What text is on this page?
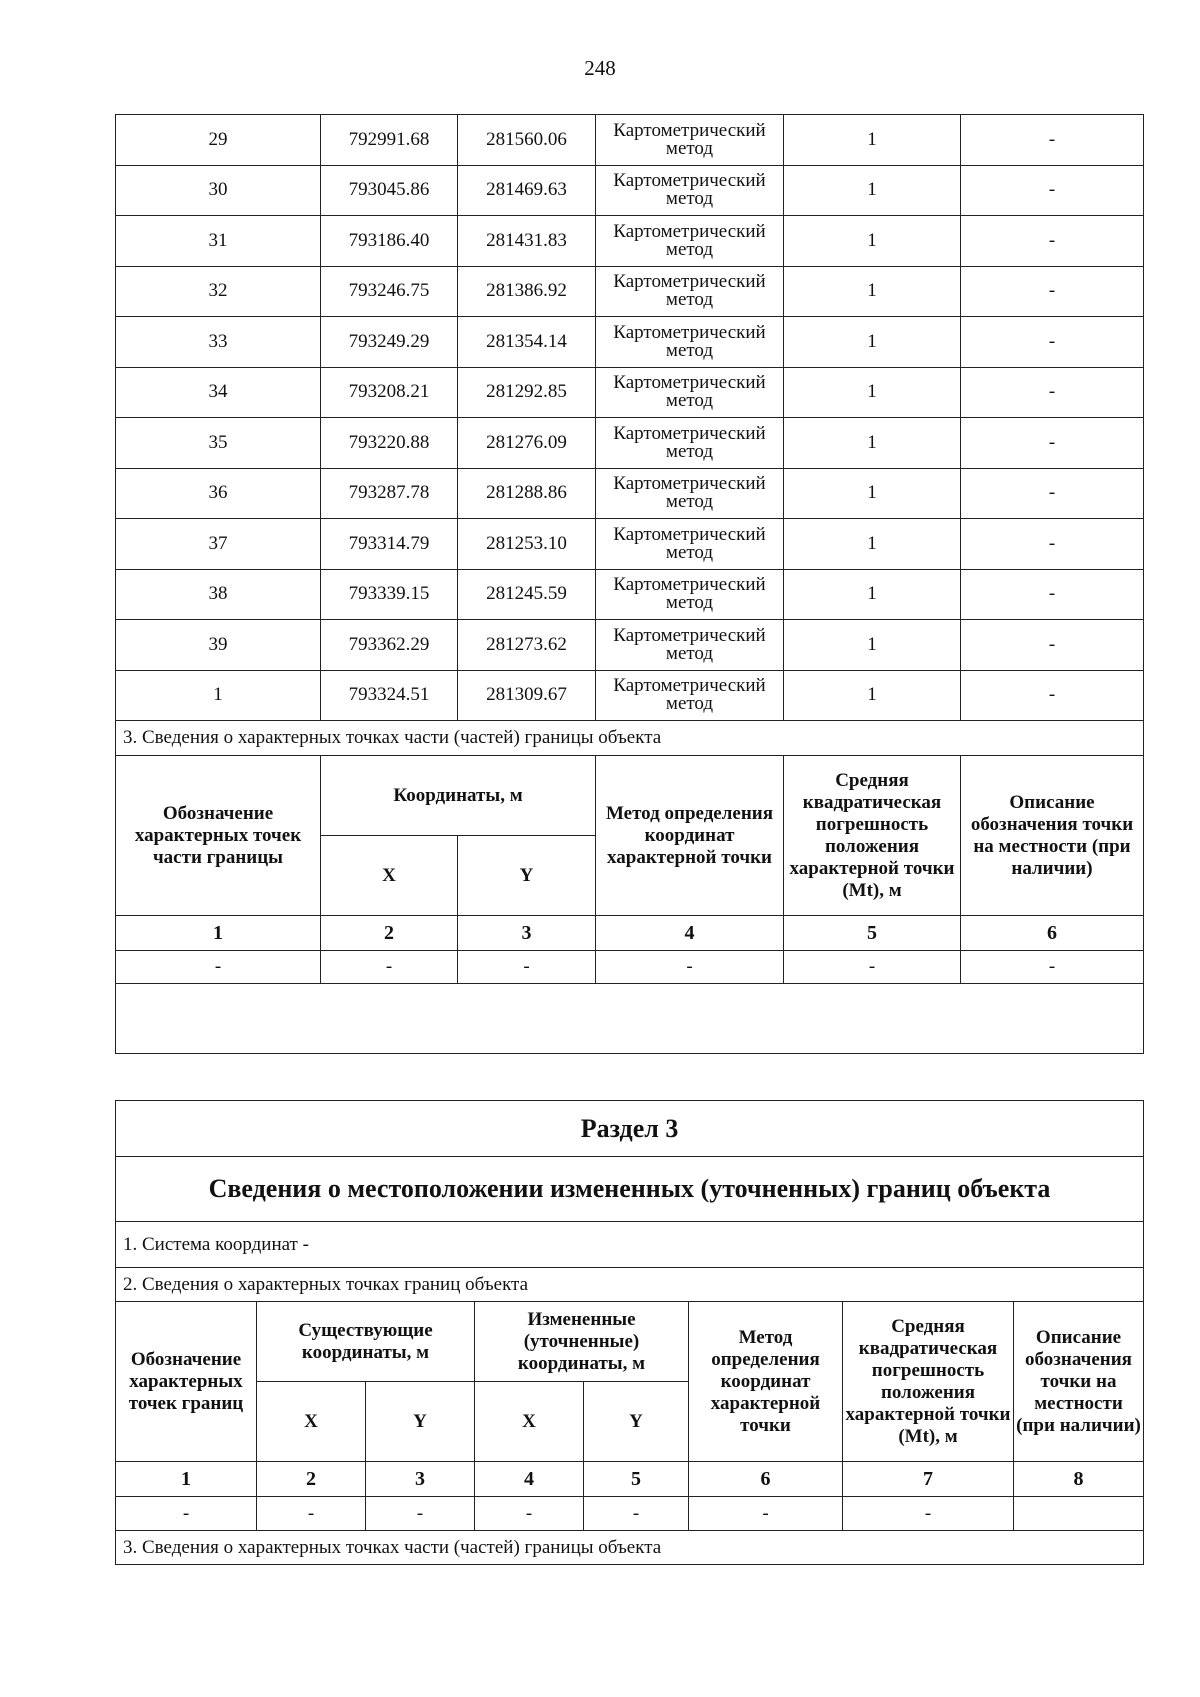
248
29	792991.68	281560.06	Картометрический метод	1	-
30	793045.86	281469.63	Картометрический метод	1	-
31	793186.40	281431.83	Картометрический метод	1	-
32	793246.75	281386.92	Картометрический метод	1	-
33	793249.29	281354.14	Картометрический метод	1	-
34	793208.21	281292.85	Картометрический метод	1	-
35	793220.88	281276.09	Картометрический метод	1	-
36	793287.78	281288.86	Картометрический метод	1	-
37	793314.79	281253.10	Картометрический метод	1	-
38	793339.15	281245.59	Картометрический метод	1	-
39	793362.29	281273.62	Картометрический метод	1	-
1	793324.51	281309.67	Картометрический метод	1	-
3. Сведения о характерных точках части (частей) границы объекта					
Обозначение характерных точек части границы	Координаты, м		Метод определения координат характерной точки	Средняя квадратическая погрешность положения характерной точки (Mt), м	Описание обозначения точки на местности (при наличии)
	X	Y			
1	2	3	4	5	6
-	-	-	-	-	-

Раздел 3							
Сведения о местоположении измененных (уточненных) границ объекта							
1. Система координат -							
2. Сведения о характерных точках границ объекта							
Обозначение характерных точек границ	Существующие координаты, м		Измененные (уточненные) координаты, м		Метод определения координат характерной точки	Средняя квадратическая погрешность положения характерной точки (Mt), м	Описание обозначения точки на местности (при наличии)
	X	Y	X	Y			
1	2	3	4	5	6	7	8
-	-	-	-	-	-	-	
3. Сведения о характерных точках части (частей) границы объекта							
